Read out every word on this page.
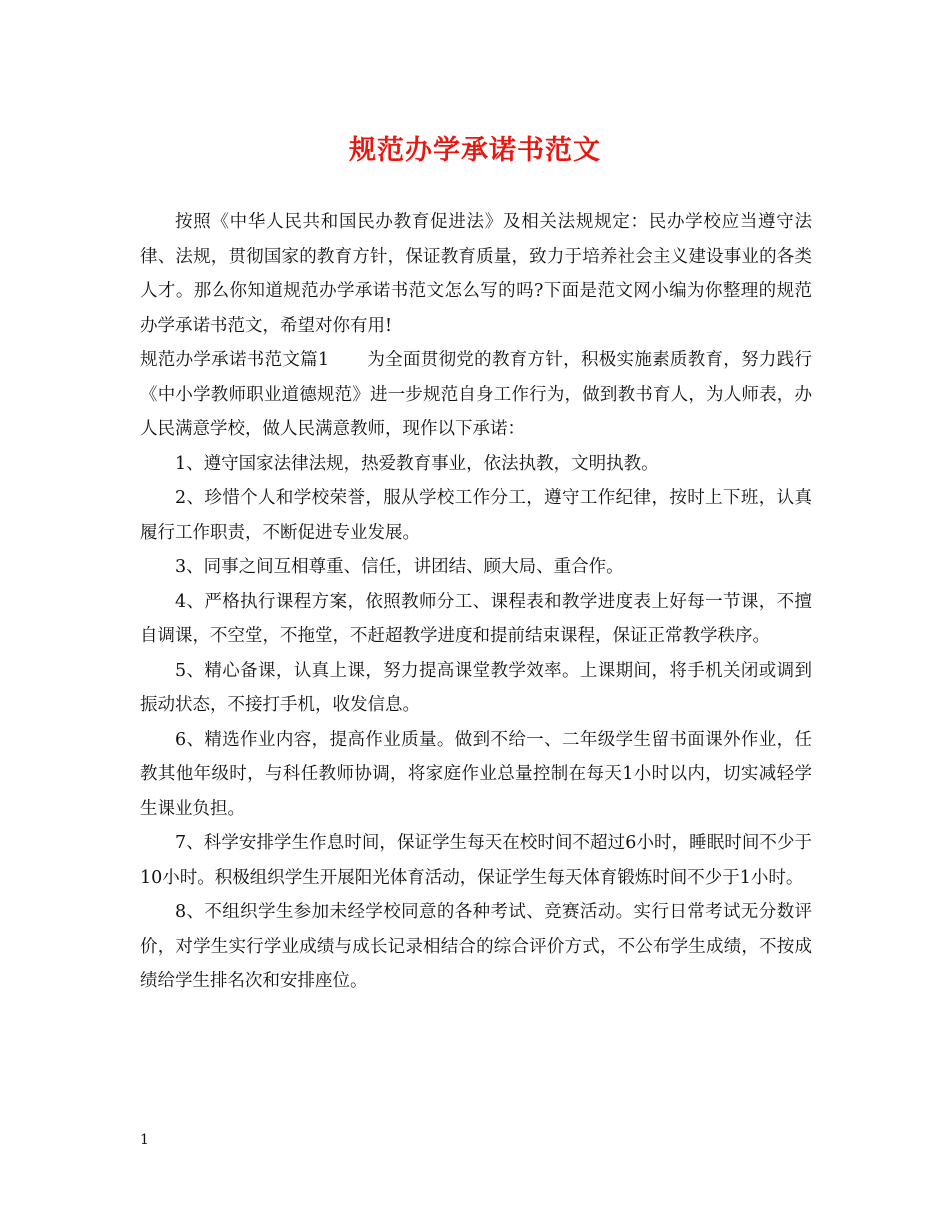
规范办学承诺书范文

按照《中华人民共和国民办教育促进法》及相关法规规定：民办学校应当遵守法律、法规，贯彻国家的教育方针，保证教育质量，致力于培养社会主义建设事业的各类人才。那么你知道规范办学承诺书范文怎么写的吗?下面是范文网小编为你整理的规范办学承诺书范文，希望对你有用!

规范办学承诺书范文篇1 为全面贯彻党的教育方针，积极实施素质教育，努力践行《中小学教师职业道德规范》进一步规范自身工作行为，做到教书育人，为人师表，办人民满意学校，做人民满意教师，现作以下承诺：

1、遵守国家法律法规，热爱教育事业，依法执教，文明执教。

2、珍惜个人和学校荣誉，服从学校工作分工，遵守工作纪律，按时上下班，认真履行工作职责，不断促进专业发展。

3、同事之间互相尊重、信任，讲团结、顾大局、重合作。

4、严格执行课程方案，依照教师分工、课程表和教学进度表上好每一节课，不擅自调课，不空堂，不拖堂，不赶超教学进度和提前结束课程，保证正常教学秩序。

5、精心备课，认真上课，努力提高课堂教学效率。上课期间，将手机关闭或调到振动状态，不接打手机，收发信息。

6、精选作业内容，提高作业质量。做到不给一、二年级学生留书面课外作业，任教其他年级时，与科任教师协调，将家庭作业总量控制在每天1小时以内，切实减轻学生课业负担。

7、科学安排学生作息时间，保证学生每天在校时间不超过6小时，睡眠时间不少于10小时。积极组织学生开展阳光体育活动，保证学生每天体育锻炼时间不少于1小时。

8、不组织学生参加未经学校同意的各种考试、竞赛活动。实行日常考试无分数评价，对学生实行学业成绩与成长记录相结合的综合评价方式，不公布学生成绩，不按成绩给学生排名次和安排座位。

1
